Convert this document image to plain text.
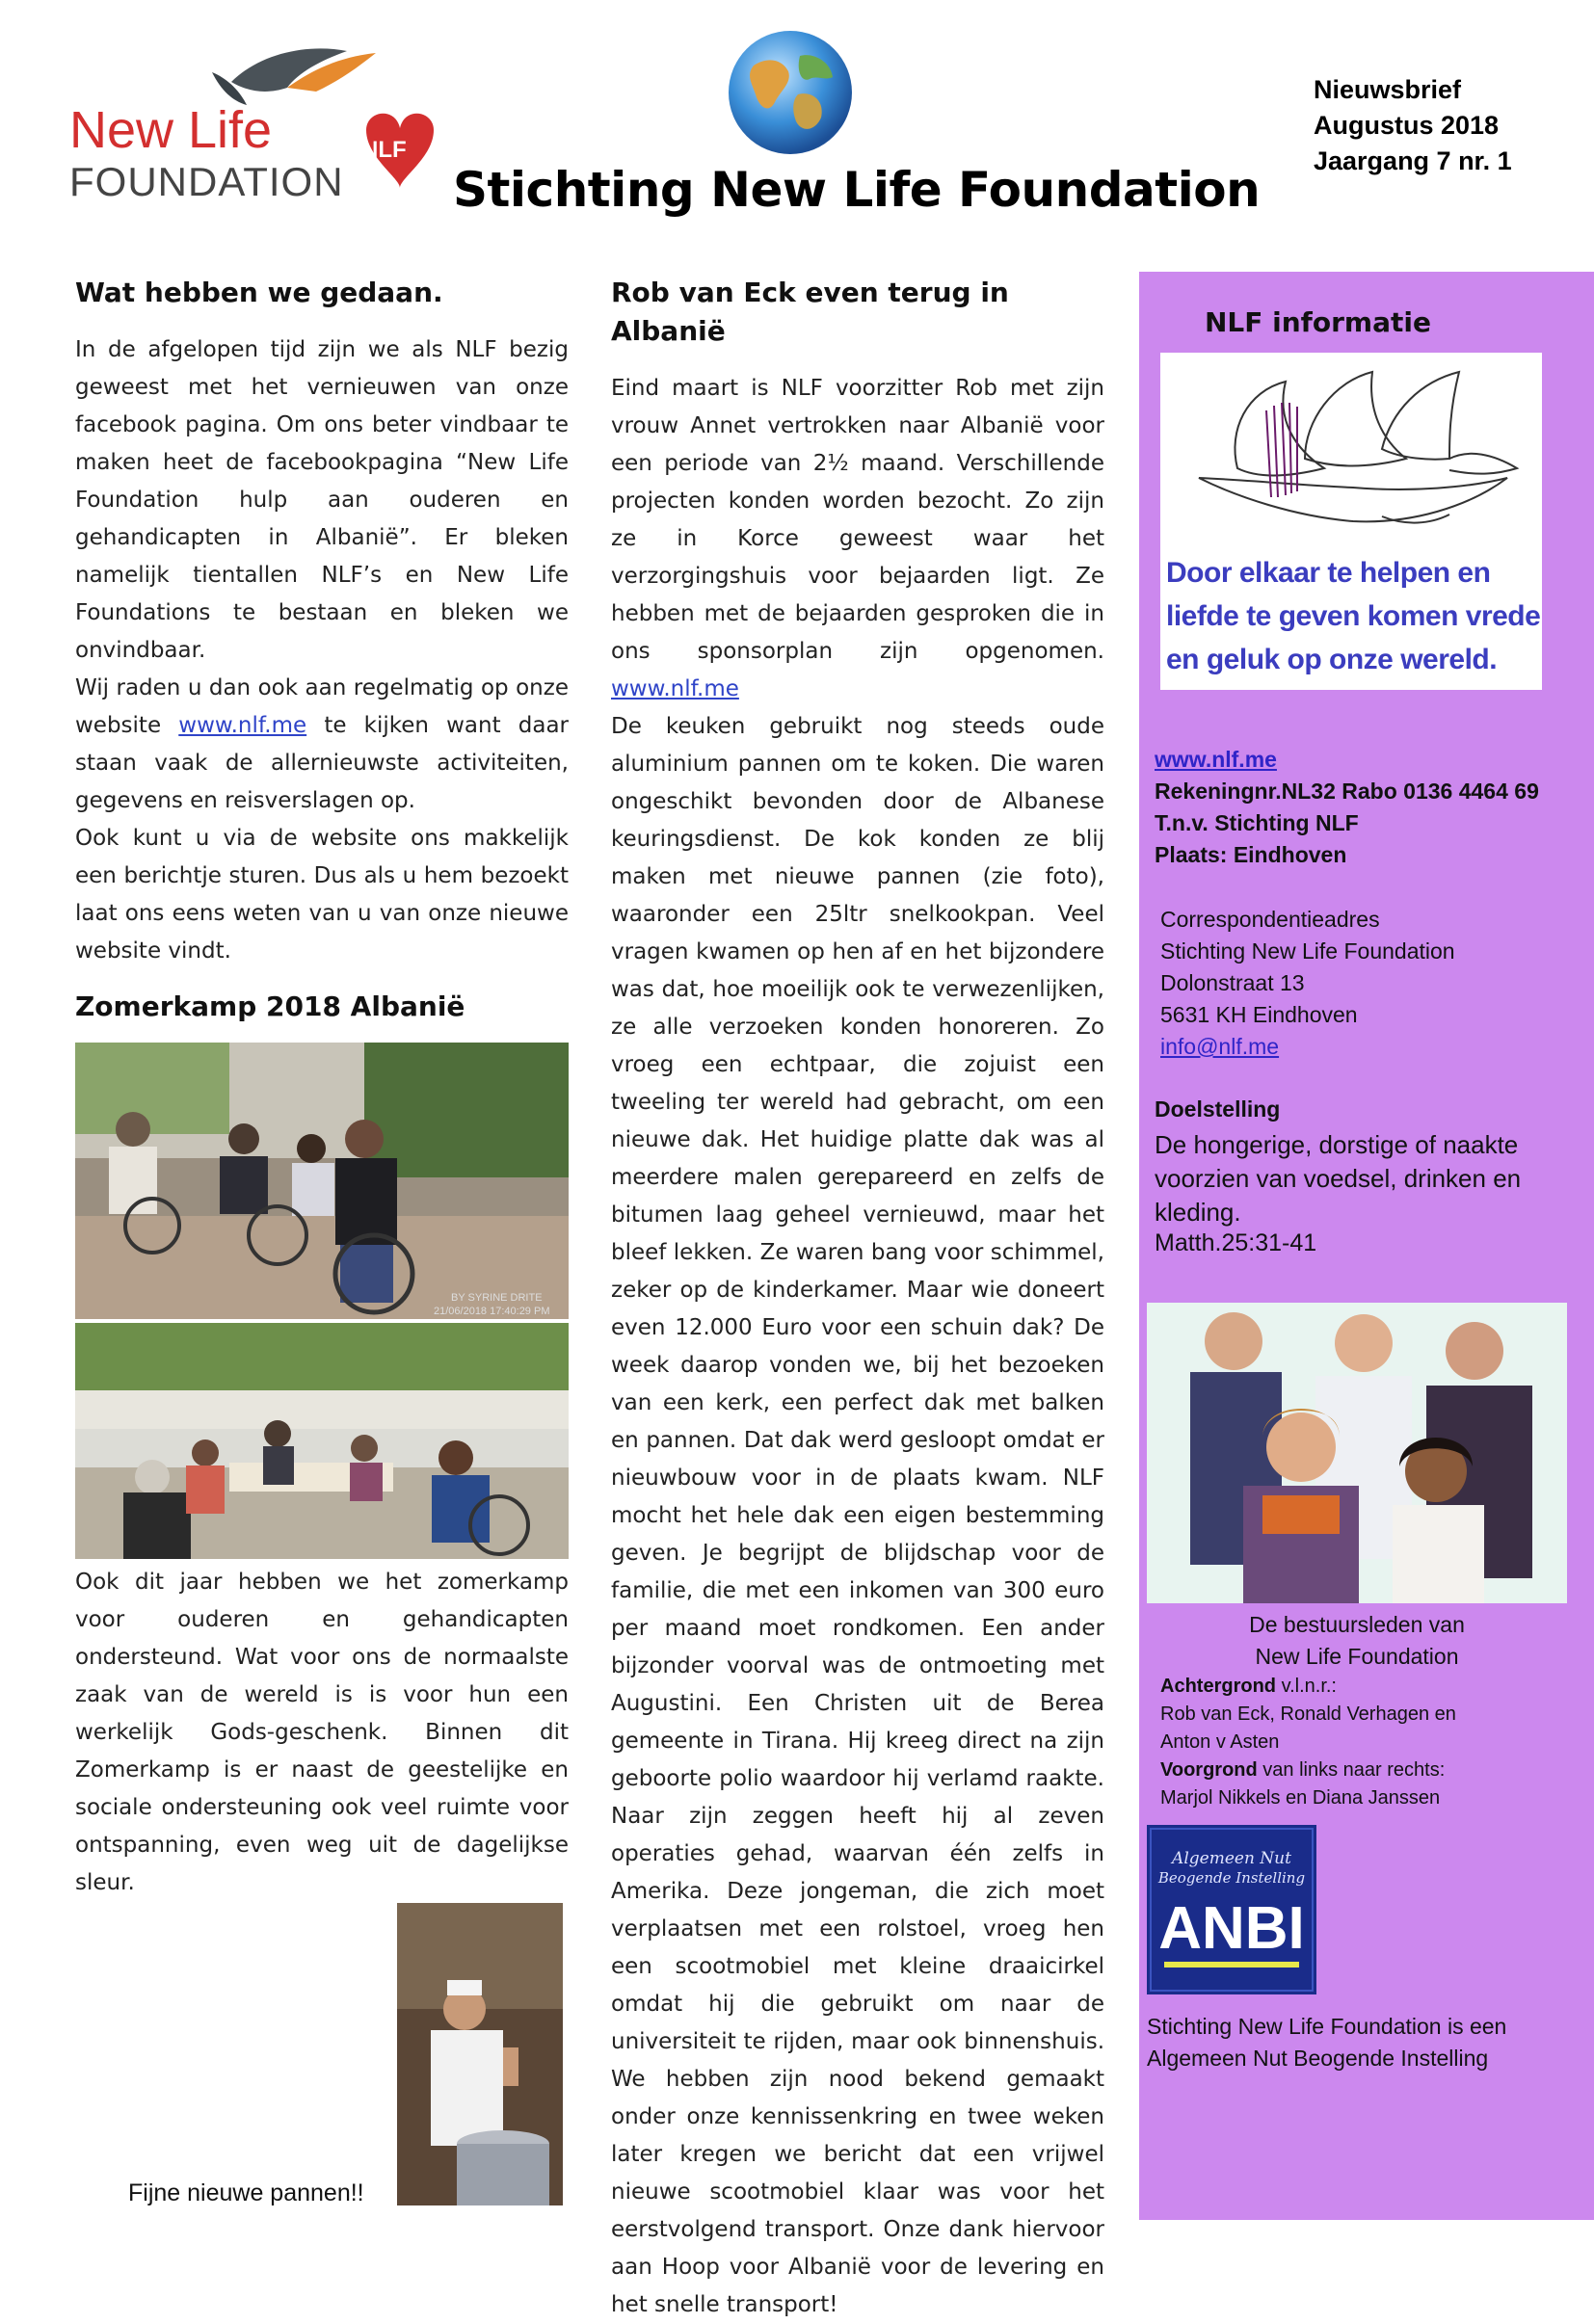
NLF
New Life
FOUNDATION Stichting New Life Foundation
Nieuwsbrief
Augustus 2018
Jaargang 7 nr. 1
Wat hebben we gedaan.

In de afgelopen tijd zijn we als NLF bezig geweest met het vernieuwen van onze facebook pagina. Om ons beter vindbaar te maken heet de facebookpagina “New Life Foundation hulp aan ouderen en gehandicapten in Albanië”. Er bleken namelijk tientallen NLF’s en New Life Foundations te bestaan en bleken we onvindbaar.

Wij raden u dan ook aan regelmatig op onze website www.nlf.me te kijken want daar staan vaak de allernieuwste activiteiten, gegevens en reisverslagen op.

Ook kunt u via de website ons makkelijk een berichtje sturen. Dus als u hem bezoekt laat ons eens weten van u van onze nieuwe website vindt.

Zomerkamp 2018 Albanië
BY SYRINE DRITE
21/06/2018 17:40:29 PM

Ook dit jaar hebben we het zomerkamp voor ouderen en gehandicapten ondersteund. Wat voor ons de normaalste zaak van de wereld is is voor hun een werkelijk Gods-geschenk. Binnen dit Zomerkamp is er naast de geestelijke en sociale ondersteuning ook veel ruimte voor ontspanning, even weg uit de dagelijkse sleur.

Fijne nieuwe pannen!!
Rob van Eck even terug in Albanië

Eind maart is NLF voorzitter Rob met zijn vrouw Annet vertrokken naar Albanië voor een periode van 2½ maand. Verschillende projecten konden worden bezocht. Zo zijn ze in Korce geweest waar het verzorgingshuis voor bejaarden ligt. Ze hebben met de bejaarden gesproken die in ons sponsorplan zijn opgenomen. www.nlf.me

De keuken gebruikt nog steeds oude aluminium pannen om te koken. Die waren ongeschikt bevonden door de Albanese keuringsdienst. De kok konden ze blij maken met nieuwe pannen (zie foto), waaronder een 25ltr snelkookpan. Veel vragen kwamen op hen af en het bijzondere was dat, hoe moeilijk ook te verwezenlijken, ze alle verzoeken konden honoreren. Zo vroeg een echtpaar, die zojuist een tweeling ter wereld had gebracht, om een nieuwe dak. Het huidige platte dak was al meerdere malen gerepareerd en zelfs de bitumen laag geheel vernieuwd, maar het bleef lekken. Ze waren bang voor schimmel, zeker op de kinderkamer. Maar wie doneert even 12.000 Euro voor een schuin dak? De week daarop vonden we, bij het bezoeken van een kerk, een perfect dak met balken en pannen. Dat dak werd gesloopt omdat er nieuwbouw voor in de plaats kwam. NLF mocht het hele dak een eigen bestemming geven. Je begrijpt de blijdschap voor de familie, die met een inkomen van 300 euro per maand moet rondkomen. Een ander bijzonder voorval was de ontmoeting met Augustini. Een Christen uit de Berea gemeente in Tirana. Hij kreeg direct na zijn geboorte polio waardoor hij verlamd raakte. Naar zijn zeggen heeft hij al zeven operaties gehad, waarvan één zelfs in Amerika. Deze jongeman, die zich moet verplaatsen met een rolstoel, vroeg hen een scootmobiel met kleine draaicirkel omdat hij die gebruikt om naar de universiteit te rijden, maar ook binnenshuis. We hebben zijn nood bekend gemaakt onder onze kennissenkring en twee weken later kregen we bericht dat een vrijwel nieuwe scootmobiel klaar was voor het eerstvolgend transport. Onze dank hiervoor aan Hoop voor Albanië voor de levering en het snelle transport!

NLF informatie
Door elkaar te helpen en liefde te geven komen vrede en geluk op onze wereld.
www.nlf.me
Rekeningnr.NL32 Rabo 0136 4464 69
T.n.v. Stichting NLF
Plaats: Eindhoven
Correspondentieadres
Stichting New Life Foundation
Dolonstraat 13
5631 KH Eindhoven
info@nlf.me
Doelstelling
De hongerige, dorstige of naakte voorzien van voedsel, drinken en kleding.
Matth.25:31-41
De bestuursleden van
New Life Foundation
Achtergrond v.l.n.r.:
Rob van Eck, Ronald Verhagen en
Anton v Asten
Voorgrond van links naar rechts:
Marjol Nikkels en Diana Janssen
Algemeen Nut
Beogende Instelling
ANBI
Stichting New Life Foundation is een
Algemeen Nut Beogende Instelling
